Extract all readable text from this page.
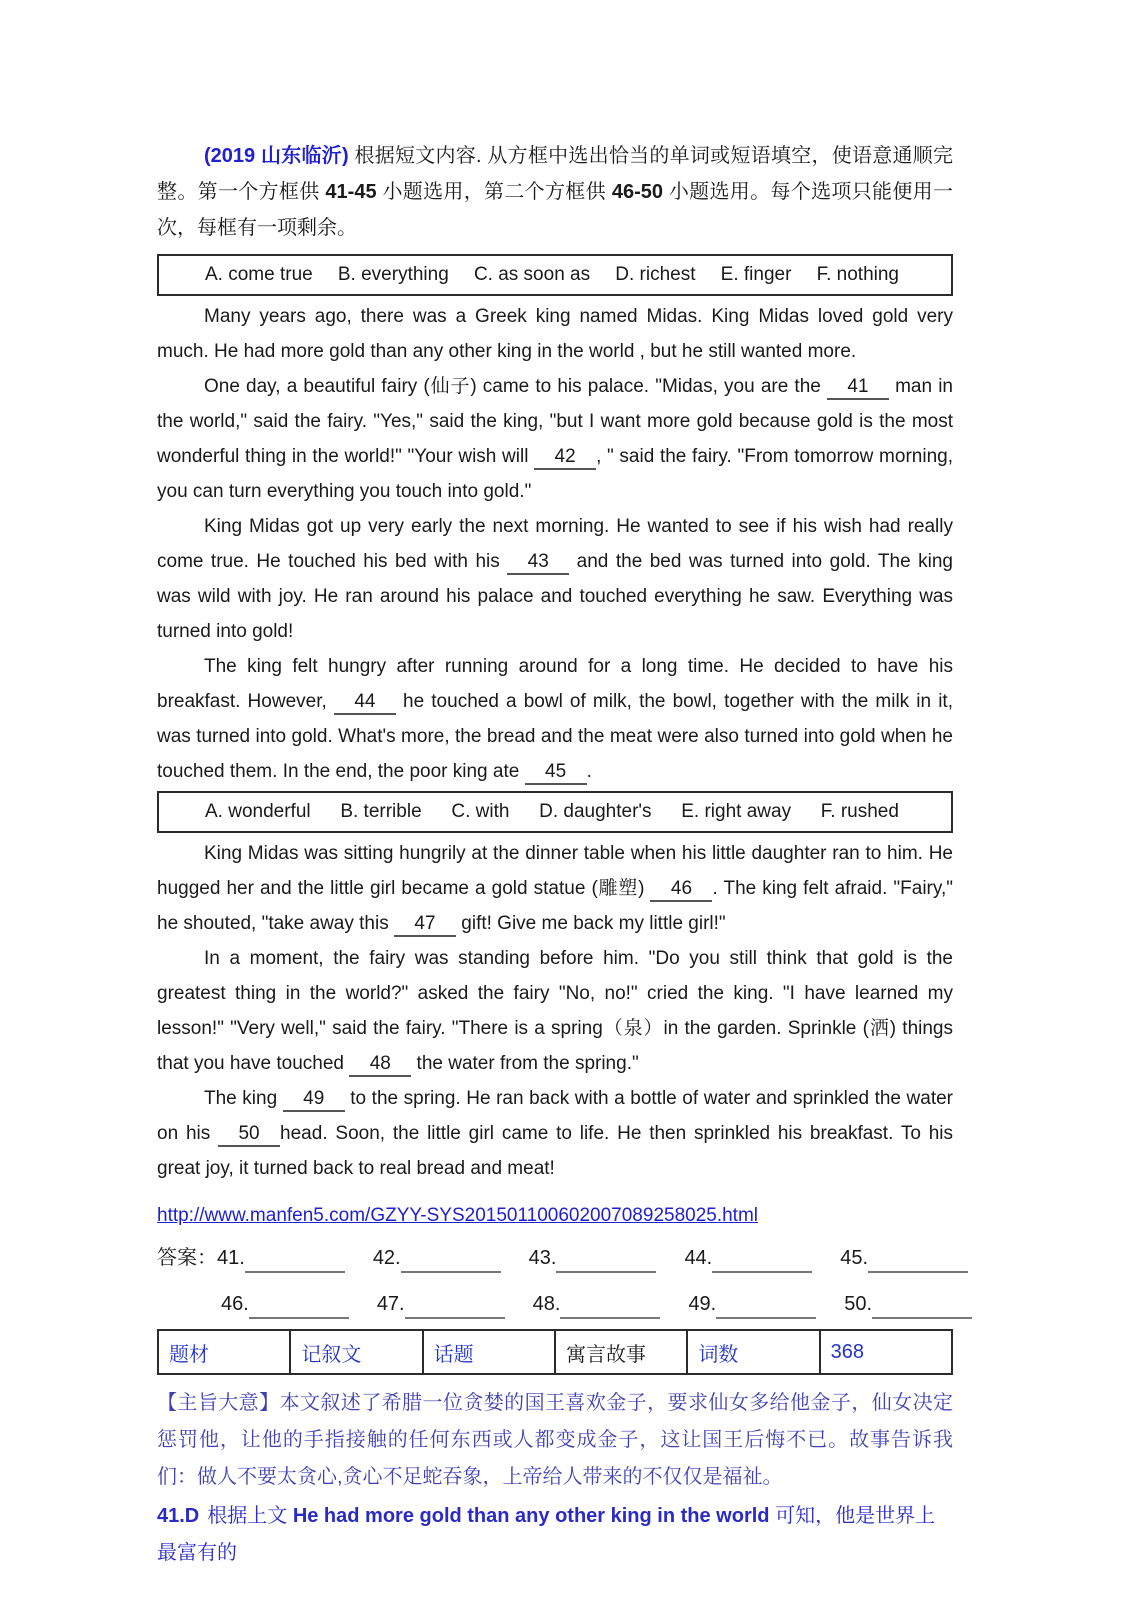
(2019 山东临沂) 根据短文内容. 从方框中选出恰当的单词或短语填空，使语意通顺完整。第一个方框供 41-45 小题选用，第二个方框供 46-50 小题选用。每个选项只能便用一次，每框有一项剩余。

A. come true B. everything C. as soon as D. richest E. finger F. nothing

Many years ago, there was a Greek king named Midas. King Midas loved gold very much. He had more gold than any other king in the world , but he still wanted more.

One day, a beautiful fairy (仙子) came to his palace. "Midas, you are the 41 man in the world," said the fairy. "Yes," said the king, "but I want more gold because gold is the most wonderful thing in the world!" "Your wish will 42 , " said the fairy. "From tomorrow morning, you can turn everything you touch into gold."

King Midas got up very early the next morning. He wanted to see if his wish had really come true. He touched his bed with his 43 and the bed was turned into gold. The king was wild with joy. He ran around his palace and touched everything he saw. Everything was turned into gold!

The king felt hungry after running around for a long time. He decided to have his breakfast. However, 44 he touched a bowl of milk, the bowl, together with the milk in it, was turned into gold. What's more, the bread and the meat were also turned into gold when he touched them. In the end, the poor king ate 45 .

A. wonderful B. terrible C. with D. daughter's E. right away F. rushed

King Midas was sitting hungrily at the dinner table when his little daughter ran to him. He hugged her and the little girl became a gold statue (雕塑) 46 . The king felt afraid. "Fairy," he shouted, "take away this 47 gift! Give me back my little girl!"

In a moment, the fairy was standing before him. "Do you still think that gold is the greatest thing in the world?" asked the fairy "No, no!" cried the king. "I have learned my lesson!" "Very well," said the fairy. "There is a spring（泉）in the garden. Sprinkle (洒) things that you have touched 48 the water from the spring."

The king 49 to the spring. He ran back with a bottle of water and sprinkled the water on his 50 head. Soon, the little girl came to life. He then sprinkled his breakfast. To his great joy, it turned back to real bread and meat!

http://www.manfen5.com/GZYY-SYS201501100602007089258025.html

答案： 41.	42.	43.	44.	45.
46.	47.	48.	49.	50.
题材	记叙文	话题	寓言故事	词数	368

【主旨大意】本文叙述了希腊一位贪婪的国王喜欢金子，要求仙女多给他金子，仙女决定惩罚他，让他的手指接触的任何东西或人都变成金子，这让国王后悔不已。故事告诉我们：做人不要太贪心,贪心不足蛇吞象，上帝给人带来的不仅仅是福祉。

41.D 根据上文 He had more gold than any other king in the world 可知，他是世界上最富有的
